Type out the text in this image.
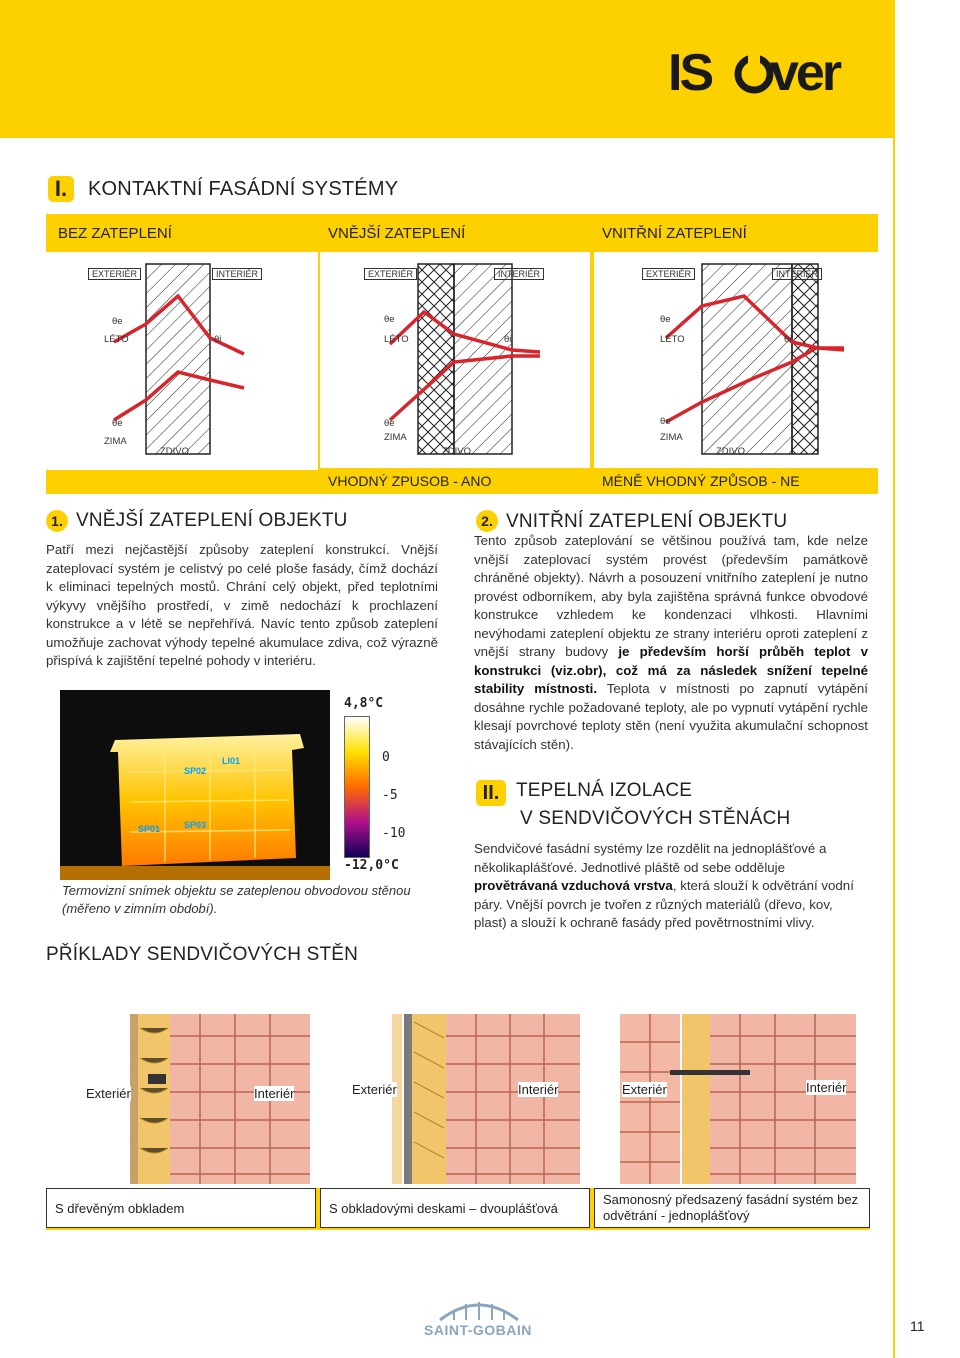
IS ver
I.	KONTAKTNÍ FASÁDNÍ SYSTÉMY
BEZ ZATEPLENÍ	VNĚJŠÍ ZATEPLENÍ	VNITŘNÍ ZATEPLENÍ
EXTERIÉR	INTERIÉR
θe
LÉTO	θi
θe
ZIMA
ZDIVO
EXTERIÉR	INTERIÉR
θe
LÉTO	θi
θe
ZIMA
ZDIVO
EXTERIÉR	INTERIÉR
θe
LÉTO	θi
θe
ZIMA
ZDIVO
VHODNÝ ZPUSOB - ANO	MÉNĚ VHODNÝ ZPŮSOB - NE
1. VNĚJŠÍ ZATEPLENÍ OBJEKTU
Patří mezi nejčastější způsoby zateplení konstrukcí. Vnější zateplovací systém je celistvý po celé ploše fasády, čímž dochází k eliminaci tepelných mostů. Chrání celý objekt, před teplotními výkyvy vnějšího prostředí, v zimě nedochází k prochlazení konstrukce a v létě se nepřehřívá. Navíc tento způsob zateplení umožňuje zachovat výhody tepelné akumulace zdiva, což výrazně přispívá k zajištění tepelné pohody v interiéru.
4,8°C
0
-5
-10
-12,0°C
LI01
SP02
SP03
SP01
Termovizní snímek objektu se zateplenou obvodovou stěnou (měřeno v zimním období).
2. VNITŘNÍ ZATEPLENÍ OBJEKTU
Tento způsob zateplování se většinou používá tam, kde nelze vnější zateplovací systém provést (především památkově chráněné objekty). Návrh a posouzení vnitřního zateplení je nutno provést odborníkem, aby byla zajištěna správná funkce obvodové konstrukce vzhledem ke kondenzaci vlhkosti. Hlavními nevýhodami zateplení objektu ze strany interiéru oproti zateplení z vnější strany budovy je především horší průběh teplot v konstrukci (viz.obr), což má za následek snížení tepelné stability místnosti. Teplota v místnosti po zapnutí vytápění dosáhne rychle požadované teploty, ale po vypnutí vytápění rychle klesají povrchové teploty stěn (není využita akumulační schopnost stávajících stěn).
II. TEPELNÁ IZOLACE
V SENDVIČOVÝCH STĚNÁCH
Sendvičové fasádní systémy lze rozdělit na jednoplášťové a několikaplášťové. Jednotlivé pláště od sebe odděluje provětrávaná vzduchová vrstva, která slouží k odvětrání vodní páry. Vnější povrch je tvořen z různých materiálů (dřevo, kov, plast) a slouží k ochraně fasády před povětrnostními vlivy.
PŘÍKLADY SENDVIČOVÝCH STĚN
Exteriér	Interiér	Exteriér	Interiér	Exteriér	Interiér
S dřevěným obkladem	S obkladovými deskami – dvouplášťová
Samonosný předsazený fasádní systém bez odvětrání - jednoplášťový
SAINT-GOBAIN	11
